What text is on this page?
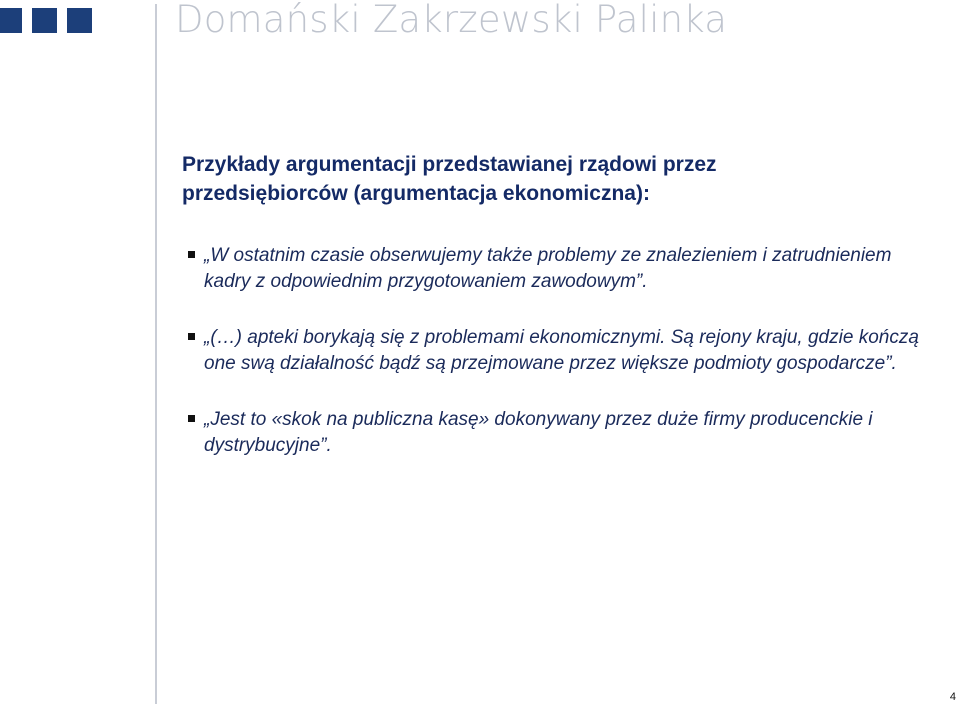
Domański Zakrzewski Palinka
Przykłady argumentacji przedstawianej rządowi przez przedsiębiorców (argumentacja ekonomiczna):
„W ostatnim czasie obserwujemy także problemy ze znalezieniem i zatrudnieniem kadry z odpowiednim przygotowaniem zawodowym”.
„(…) apteki borykają się z problemami ekonomicznymi. Są rejony kraju, gdzie kończą one swą działalność bądź są przejmowane przez większe podmioty gospodarcze”.
„Jest to «skok na publiczna kasę» dokonywany przez duże firmy producenckie i dystrybucyjne”.
4
